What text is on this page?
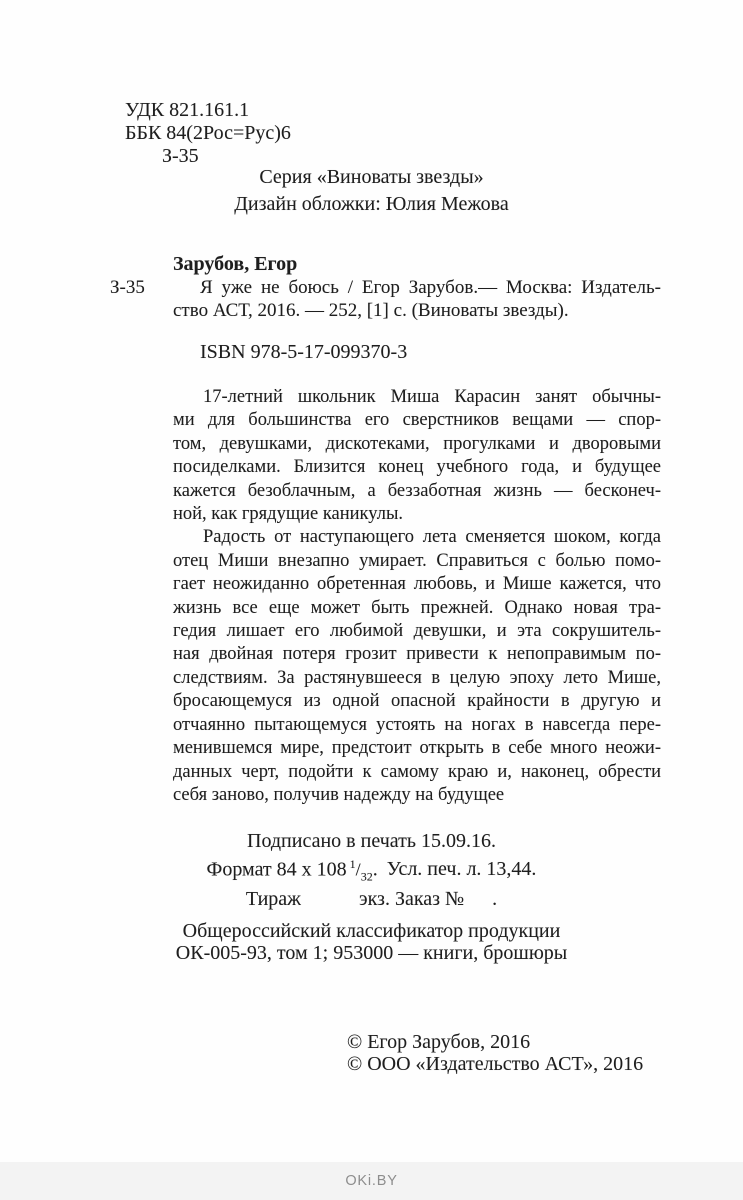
УДК 821.161.1
ББК 84(2Рос=Рус)6
З-35
Серия «Виноваты звезды»
Дизайн обложки: Юлия Межова
Зарубов, Егор
З-35	Я уже не боюсь / Егор Зарубов.— Москва: Издатель-
ство АСТ, 2016. — 252, [1] с. (Виноваты звезды).
ISBN 978-5-17-099370-3
17-летний школьник Миша Карасин занят обычны-
ми для большинства его сверстников вещами — спор-
том, девушками, дискотеками, прогулками и дворовыми
посиделками. Близится конец учебного года, и будущее
кажется безоблачным, а беззаботная жизнь — бесконеч-
ной, как грядущие каникулы.
Радость от наступающего лета сменяется шоком, когда
отец Миши внезапно умирает. Справиться с болью помо-
гает неожиданно обретенная любовь, и Мише кажется, что
жизнь все еще может быть прежней. Однако новая тра-
гедия лишает его любимой девушки, и эта сокрушитель-
ная двойная потеря грозит привести к непоправимым по-
следствиям. За растянувшееся в целую эпоху лето Мише,
бросающемуся из одной опасной крайности в другую и
отчаянно пытающемуся устоять на ногах в навсегда пере-
менившемся мире, предстоит открыть в себе много неожи-
данных черт, подойти к самому краю и, наконец, обрести
себя заново, получив надежду на будущее
Подписано в печать 15.09.16.
Формат 84 х 108 $^1/_{32}$. Усл. печ. л. 13,44.
Тираж	экз. Заказ № .
Общероссийский классификатор продукции
ОК-005-93, том 1; 953000 — книги, брошюры
© Егор Зарубов, 2016
© ООО «Издательство АСТ», 2016
OKi.BY
